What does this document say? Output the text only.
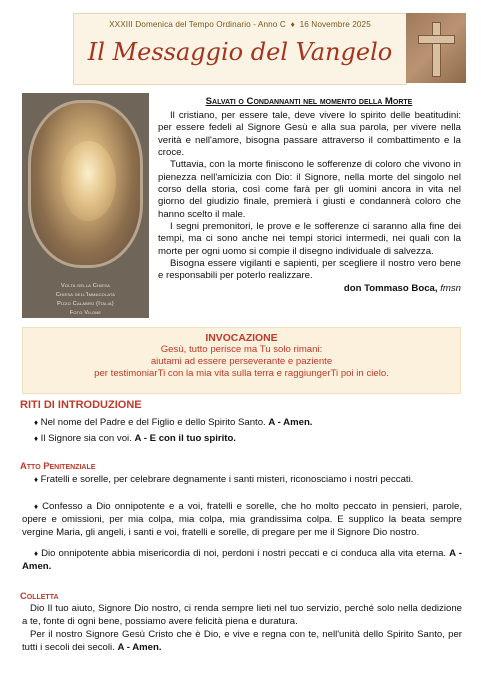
XXXIII Domenica del Tempo Ordinario - Anno C ♦ 16 Novembre 2025
Il Messaggio del Vangelo
Volta della Chiesa
Chiesa dell'Immacolata
Pizzo Calabro (Italia)
Foto Vilone
Salvati o Condannanti nel momento della Morte

Il cristiano, per essere tale, deve vivere lo spirito delle beatitudini: per essere fedeli al Signore Gesù e alla sua parola, per vivere nella verità e nell'amore, bisogna passare attraverso il combattimento e la croce.

Tuttavia, con la morte finiscono le sofferenze di coloro che vivono in pienezza nell'amicizia con Dio: il Signore, nella morte del singolo nel corso della storia, così come farà per gli uomini ancora in vita nel giorno del giudizio finale, premierà i giusti e condannerà coloro che hanno scelto il male.

I segni premonitori, le prove e le sofferenze ci saranno alla fine dei tempi, ma ci sono anche nei tempi storici intermedi, nei quali con la morte per ogni uomo si compie il disegno individuale di salvezza.

Bisogna essere vigilanti e sapienti, per scegliere il nostro vero bene e responsabili per poterlo realizzare.

don Tommaso Boca, fmsn
INVOCAZIONE
Gesù, tutto perisce ma Tu solo rimani:
aiutami ad essere perseverante e paziente
per testimoniarTi con la mia vita sulla terra e raggiungerTi poi in cielo.
RITI DI INTRODUZIONE

♦ Nel nome del Padre e del Figlio e dello Spirito Santo. A - Amen.

♦ Il Signore sia con voi. A - E con il tuo spirito.

Atto Penitenziale

♦ Fratelli e sorelle, per celebrare degnamente i santi misteri, riconosciamo i nostri peccati.

♦ Confesso a Dio onnipotente e a voi, fratelli e sorelle, che ho molto peccato in pensieri, parole, opere e omissioni, per mia colpa, mia colpa, mia grandissima colpa. E supplico la beata sempre vergine Maria, gli angeli, i santi e voi, fratelli e sorelle, di pregare per me il Signore Dio nostro.

♦ Dio onnipotente abbia misericordia di noi, perdoni i nostri peccati e ci conduca alla vita eterna. A - Amen.

Colletta

Dio Il tuo aiuto, Signore Dio nostro, ci renda sempre lieti nel tuo servizio, perché solo nella dedizione a te, fonte di ogni bene, possiamo avere felicità piena e duratura.

Per il nostro Signore Gesù Cristo che è Dio, e vive e regna con te, nell'unità dello Spirito Santo, per tutti i secoli dei secoli. A - Amen.
